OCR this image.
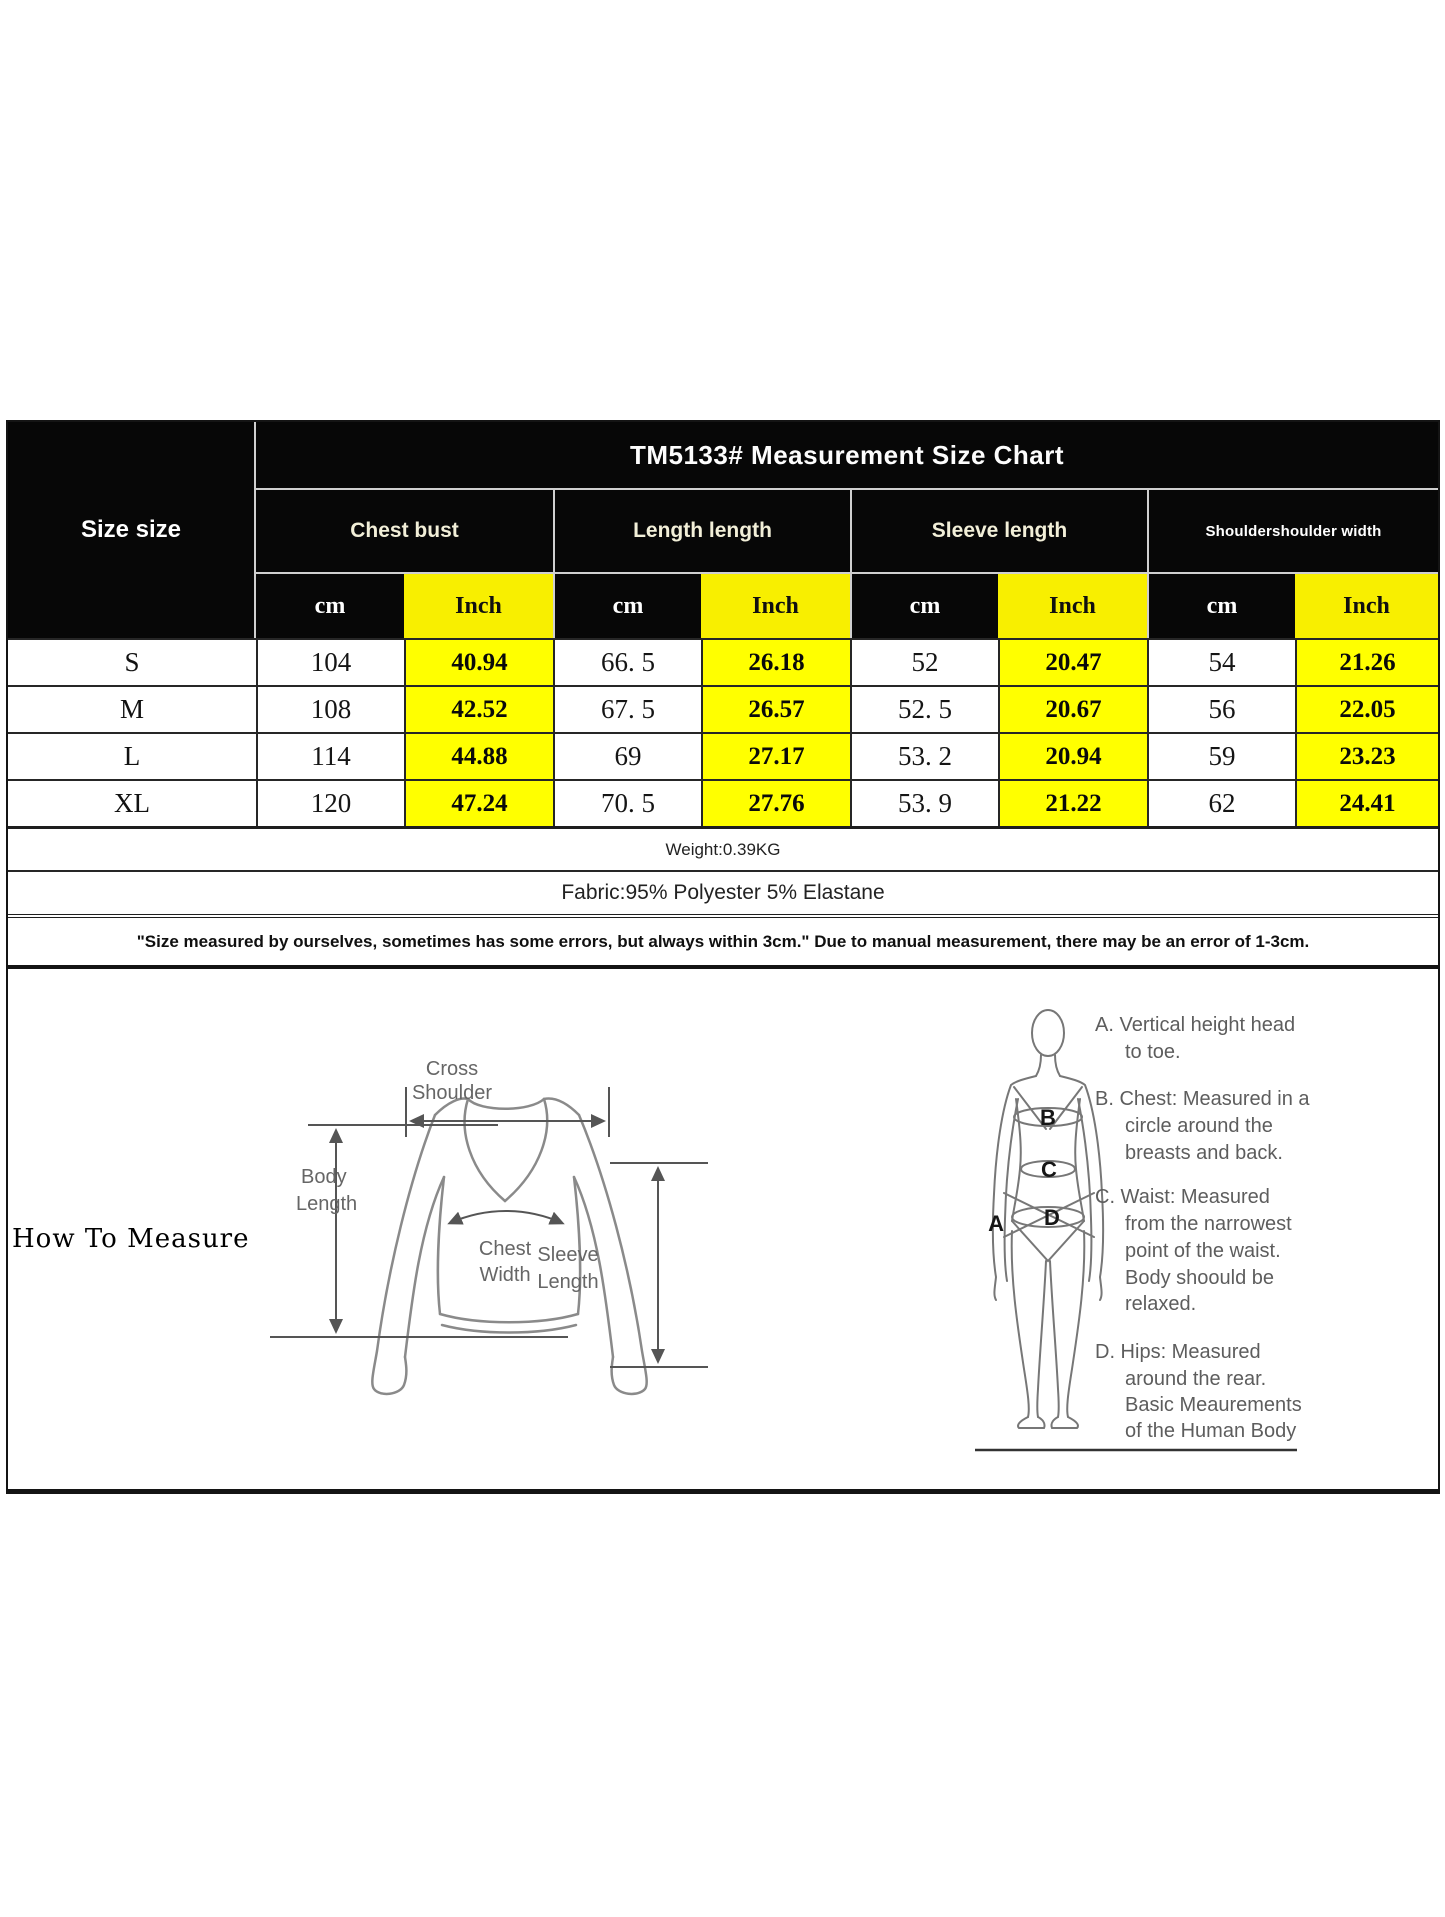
Size size
TM5133# Measurement Size Chart
Chest bust	Length length	Sleeve length	Shouldershoulder width
cm	Inch	cm	Inch	cm	Inch	cm	Inch
S	104	40.94	66. 5	26.18	52	20.47	54	21.26
M	108	42.52	67. 5	26.57	52. 5	20.67	56	22.05
L	114	44.88	69	27.17	53. 2	20.94	59	23.23
XL	120	47.24	70. 5	27.76	53. 9	21.22	62	24.41
Weight:0.39KG
Fabric:95% Polyester 5% Elastane
"Size measured by ourselves, sometimes has some errors, but always within 3cm." Due to manual measurement, there may be an error of 1-3cm.
How To Measure
Cross
Shoulder
Body
Length
Chest
Width
Sleeve
Length
B
C
D
A
A. Vertical height head
to toe.
B. Chest: Measured in a
circle around the
breasts and back.
C. Waist: Measured
from the narrowest
point of the waist.
Body shoould be
relaxed.
D. Hips: Measured
around the rear.
Basic Meaurements
of the Human Body
